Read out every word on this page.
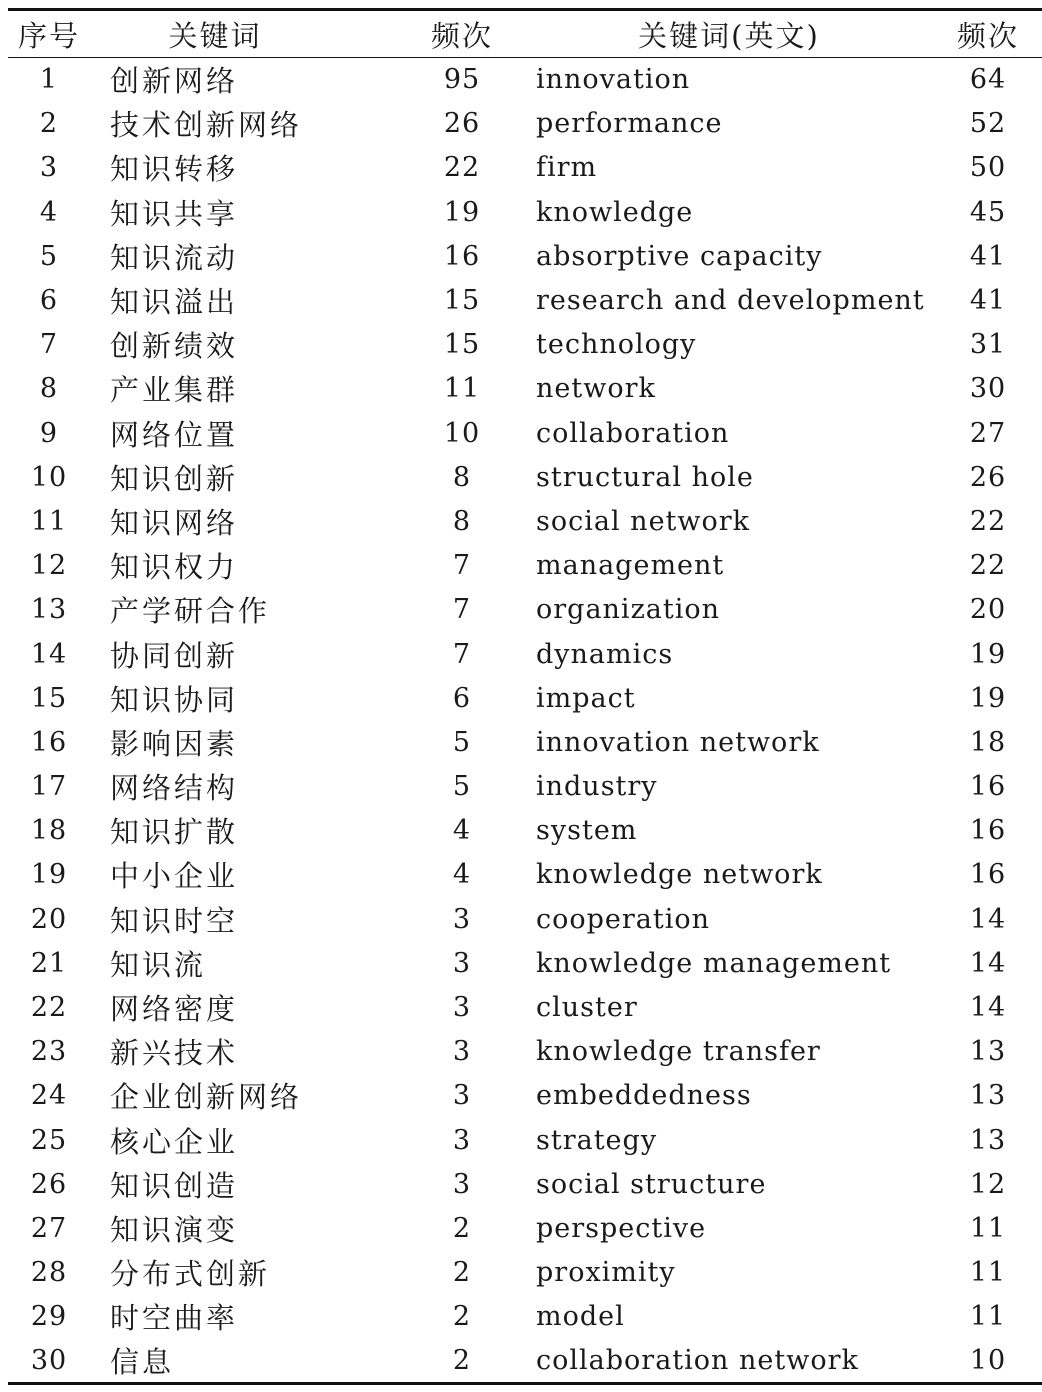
序号	关键词	频次	关键词(英文)	频次
1	创新网络	95	innovation	64
2	技术创新网络	26	performance	52
3	知识转移	22	firm	50
4	知识共享	19	knowledge	45
5	知识流动	16	absorptive capacity	41
6	知识溢出	15	research and development	41
7	创新绩效	15	technology	31
8	产业集群	11	network	30
9	网络位置	10	collaboration	27
10	知识创新	8	structural hole	26
11	知识网络	8	social network	22
12	知识权力	7	management	22
13	产学研合作	7	organization	20
14	协同创新	7	dynamics	19
15	知识协同	6	impact	19
16	影响因素	5	innovation network	18
17	网络结构	5	industry	16
18	知识扩散	4	system	16
19	中小企业	4	knowledge network	16
20	知识时空	3	cooperation	14
21	知识流	3	knowledge management	14
22	网络密度	3	cluster	14
23	新兴技术	3	knowledge transfer	13
24	企业创新网络	3	embeddedness	13
25	核心企业	3	strategy	13
26	知识创造	3	social structure	12
27	知识演变	2	perspective	11
28	分布式创新	2	proximity	11
29	时空曲率	2	model	11
30	信息	2	collaboration network	10
